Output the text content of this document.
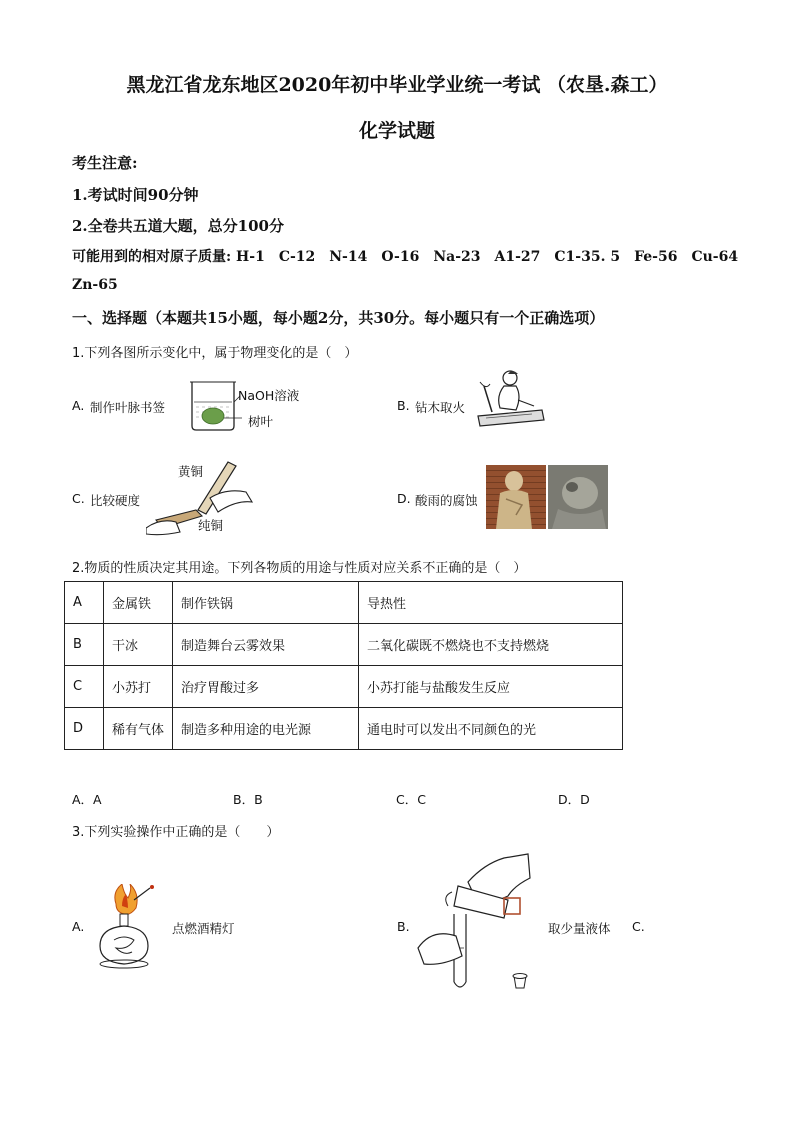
黑龙江省龙东地区2020年初中毕业学业统一考试 （农垦.森工）
化学试题
考生注意:
1.考试时间90分钟
2.全卷共五道大题，总分100分
可能用到的相对原子质量: H-1　C-12　N-14　O-16　Na-23　A1-27　C1-35. 5　Fe-56　Cu-64
Zn-65
一、选择题（本题共15小题，每小题2分，共30分。每小题只有一个正确选项）
1.下列各图所示变化中，属于物理变化的是（　）
A. 制作叶脉书签
NaOH溶液
树叶
B. 钻木取火
C. 比较硬度
黄铜
纯铜
D. 酸雨的腐蚀
2.物质的性质决定其用途。下列各物质的用途与性质对应关系不正确的是（　）
A	金属铁	制作铁锅	导热性
B	干冰	制造舞台云雾效果	二氧化碳既不燃烧也不支持燃烧
C	小苏打	治疗胃酸过多	小苏打能与盐酸发生反应
D	稀有气体	制造多种用途的电光源	通电时可以发出不同颜色的光
A．A	B．B	C．C	D．D
3.下列实验操作中正确的是（　　）
A.	点燃酒精灯	B.	取少量液体 C.
